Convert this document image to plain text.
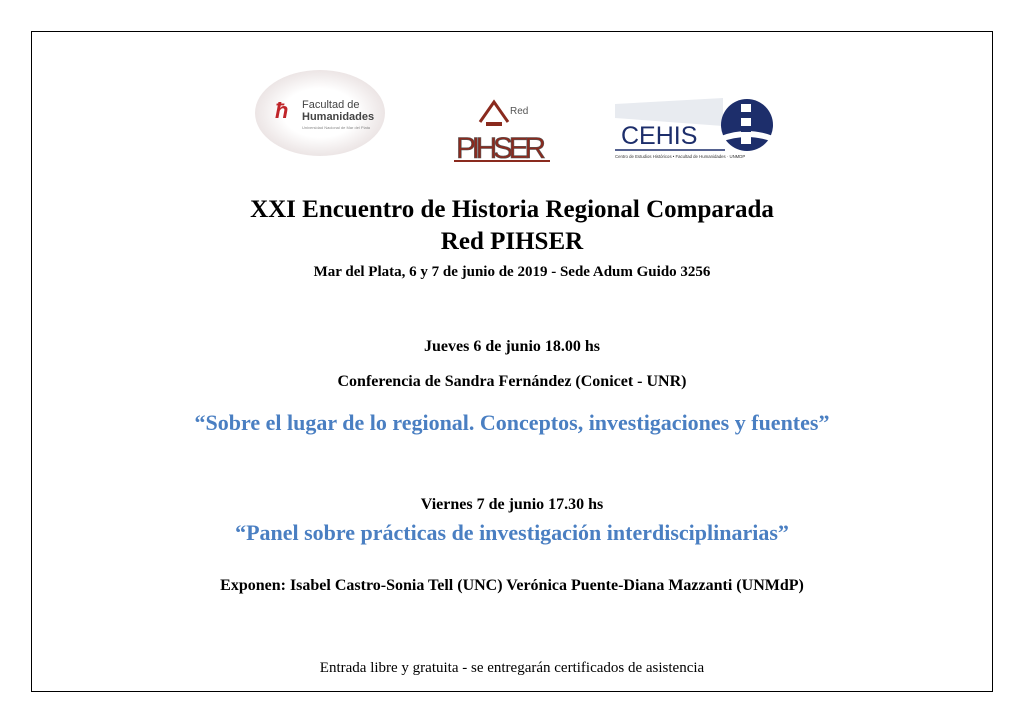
ħ Facultad de
Humanidades
Universidad Nacional de Mar del Plata
Red
PIHSER	CEHIS
Centro de Estudios Históricos • Facultad de Humanidades · UNMDP
XXI Encuentro de Historia Regional Comparada
Red PIHSER
Mar del Plata, 6 y 7 de junio de 2019 - Sede Adum Guido 3256
Jueves 6 de junio 18.00 hs
Conferencia de Sandra Fernández (Conicet - UNR)
“Sobre el lugar de lo regional. Conceptos, investigaciones y fuentes”
Viernes 7 de junio 17.30 hs
“Panel sobre prácticas de investigación interdisciplinarias”
Exponen: Isabel Castro-Sonia Tell (UNC) Verónica Puente-Diana Mazzanti (UNMdP)
Entrada libre y gratuita - se entregarán certificados de asistencia
